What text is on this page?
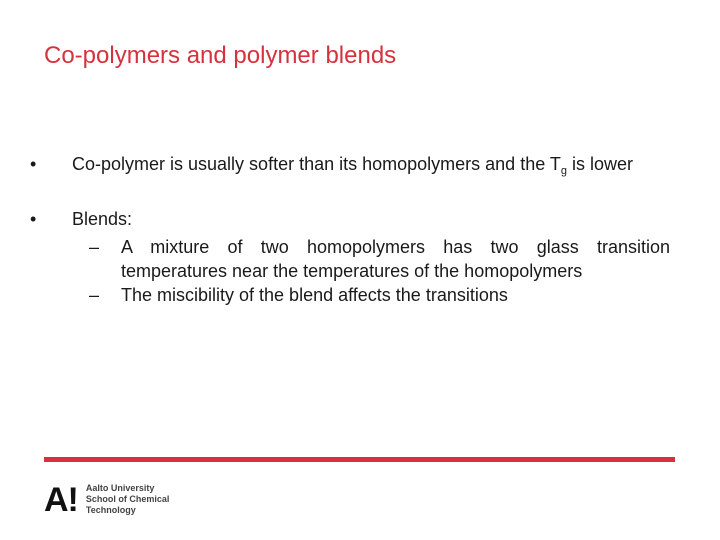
Co-polymers and polymer blends
• Co-polymer is usually softer than its homopolymers and the $T_g$ is lower
• Blends:
– A mixture of two homopolymers has two glass transition temperatures near the temperatures of the homopolymers
– The miscibility of the blend affects the transitions
A! Aalto University
School of Chemical
Technology
